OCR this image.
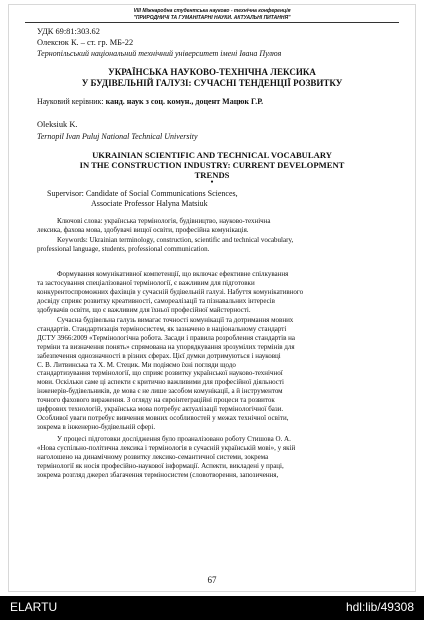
VIII Міжнародна студентська науково - технічна конференція
"ПРИРОДНИЧІ ТА ГУМАНІТАРНІ НАУКИ. АКТУАЛЬНІ ПИТАННЯ"
УДК 69:81:303.62
Олексюк К. – ст. гр. МБ-22
Тернопільський національний технічний університет імені Івана Пулюя
УКРАЇНСЬКА НАУКОВО-ТЕХНІЧНА ЛЕКСИКА
У БУДІВЕЛЬНІЙ ГАЛУЗІ: СУЧАСНІ ТЕНДЕНЦІЇ РОЗВИТКУ
Науковий керівник: канд. наук з соц. комун., доцент Мацюк Г.Р.
Oleksiuk K.
Ternopil Ivan Puluj National Technical University
UKRAINIAN SCIENTIFIC AND TECHNICAL VOCABULARY
IN THE CONSTRUCTION INDUSTRY: CURRENT DEVELOPMENT
TRENDS
●
Supervisor: Candidate of Social Communications Sciences,
Associate Professor Halyna Matsiuk
Ключові слова: українська термінологія, будівництво, науково-технічна
лексика, фахова мова, здобувачі вищої освіти, професійна комунікація.
Keywords: Ukrainian terminology, construction, scientific and technical vocabulary,
professional language, students, professional communication.
Формування комунікативної компетенції, що включає ефективне спілкування
та застосування спеціалізованої термінології, є важливим для підготовки
конкурентоспроможних фахівців у сучасній будівельній галузі. Набуття комунікативного
досвіду сприяє розвитку креативності, самореалізації та пізнавальних інтересів
здобувачів освіти, що є важливим для їхньої професійної майстерності.
Сучасна будівельна галузь вимагає точності комунікації та дотримання мовних
стандартів. Стандартизація терміносистем, як зазначено в національному стандарті
ДСТУ 3966:2009 «Термінологічна робота. Засади і правила розроблення стандартів на
терміни та визначення понять» спрямована на упорядкування зрозумілих термінів для
забезпечення однозначності в різних сферах. Цієї думки дотримуються і науковці
С. В. Литвинська та Х. М. Стецик. Ми подіяємо їхні погляди щодо
стандартизування термінології, що сприяє розвитку української науково-технічної
мови. Оскільки саме ці аспекти є критично важливими для професійної діяльності
інженерів-будівельників, де мова є не лише засобом комунікації, а й інструментом
точного фахового вираження. З огляду на євроінтеграційні процеси та розвиток
цифрових технологій, українська мова потребує актуалізації термінологічної бази.
Особливої уваги потребує вивчення мовних особливостей у межах технічної освіти,
зокрема в інженерно-будівельній сфері.
У процесі підготовки дослідження було проаналізовано роботу Стишова О. А.
«Нова суспільно-політична лексика і термінологія в сучасній українській мові», у якій
наголошено на динамічному розвитку лексико-семантичної системи, зокрема
термінології як носія професійно-наукової інформації. Аспекти, викладені у праці,
зокрема розгляд джерел збагачення терміносистем (словотворення, запозичення,
67
ELARTU	hdl:lib/49308
